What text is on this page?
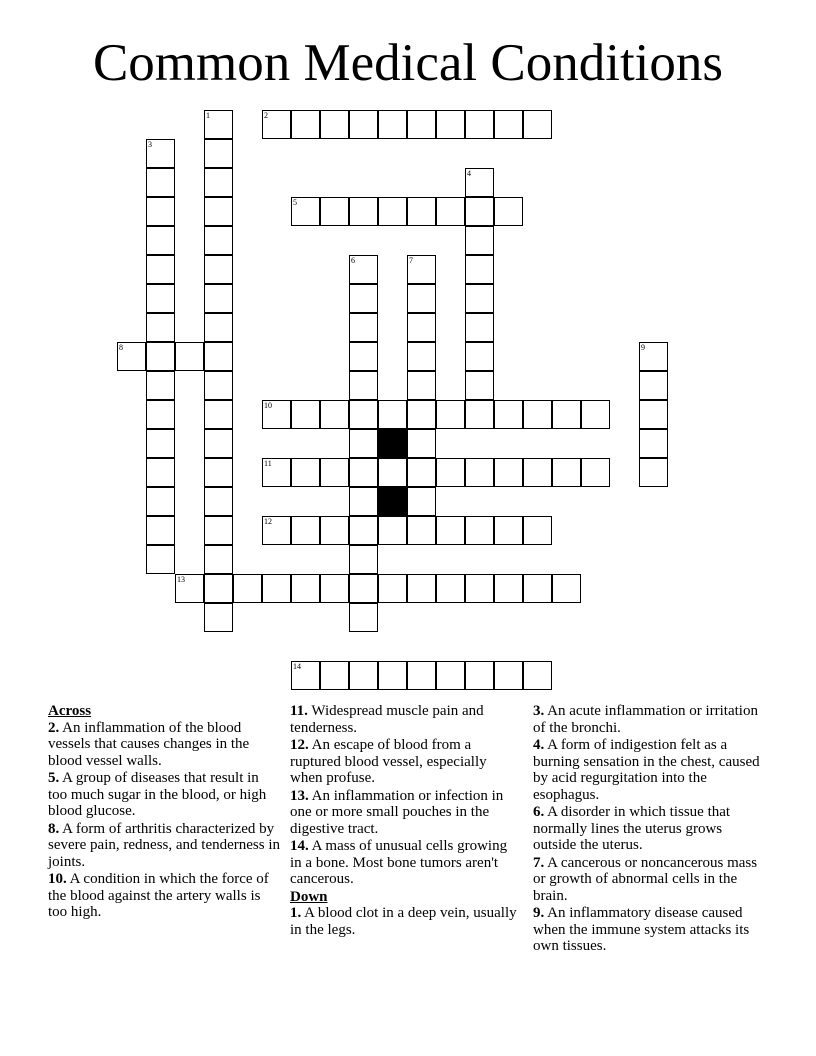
Common Medical Conditions
1	2
3
4
5
6	7
8	9
10
11
12
13
14
Across
2. An inflammation of the blood vessels that causes changes in the blood vessel walls.
5. A group of diseases that result in too much sugar in the blood, or high blood glucose.
8. A form of arthritis characterized by severe pain, redness, and tenderness in joints.
10. A condition in which the force of the blood against the artery walls is too high.
11. Widespread muscle pain and tenderness.
12. An escape of blood from a ruptured blood vessel, especially when profuse.
13. An inflammation or infection in one or more small pouches in the digestive tract.
14. A mass of unusual cells growing in a bone. Most bone tumors aren't cancerous.
Down
1. A blood clot in a deep vein, usually in the legs.
3. An acute inflammation or irritation of the bronchi.
4. A form of indigestion felt as a burning sensation in the chest, caused by acid regurgitation into the esophagus.
6. A disorder in which tissue that normally lines the uterus grows outside the uterus.
7. A cancerous or noncancerous mass or growth of abnormal cells in the brain.
9. An inflammatory disease caused when the immune system attacks its own tissues.
